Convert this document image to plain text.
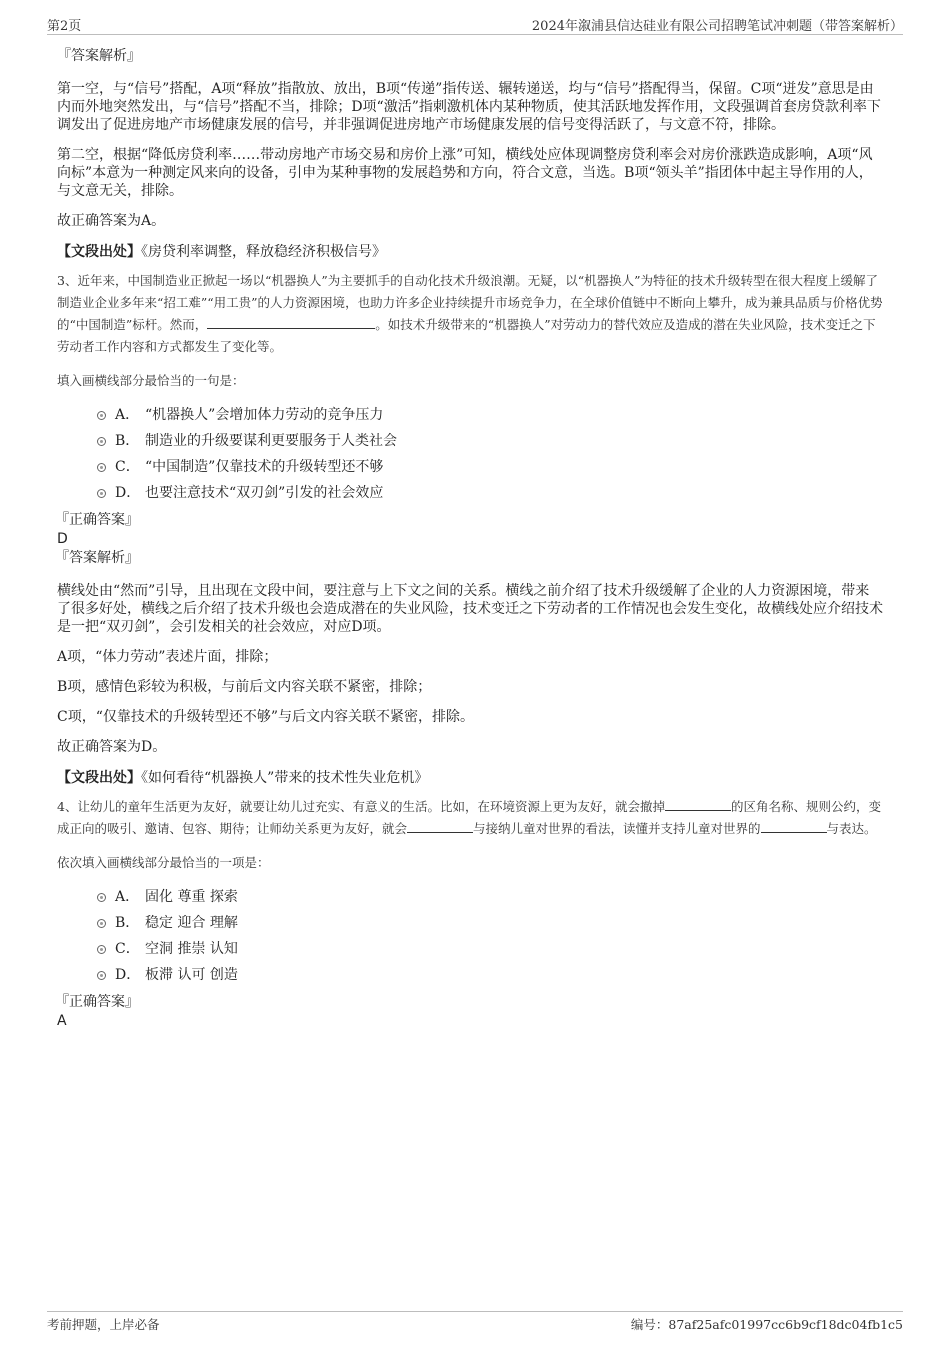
第2页	2024年溆浦县信达硅业有限公司招聘笔试冲刺题（带答案解析）

『答案解析』

第一空，与“信号”搭配，A项“释放”指散放、放出，B项“传递”指传送、辗转递送，均与“信号”搭配得当，保留。C项“迸发”意思是由内而外地突然发出，与“信号”搭配不当，排除；D项“激活”指刺激机体内某种物质，使其活跃地发挥作用，文段强调首套房贷款利率下调发出了促进房地产市场健康发展的信号，并非强调促进房地产市场健康发展的信号变得活跃了，与文意不符，排除。

第二空，根据“降低房贷利率……带动房地产市场交易和房价上涨”可知，横线处应体现调整房贷利率会对房价涨跌造成影响，A项“风向标”本意为一种测定风来向的设备，引申为某种事物的发展趋势和方向，符合文意，当选。B项“领头羊”指团体中起主导作用的人，与文意无关，排除。

故正确答案为A。

【文段出处】《房贷利率调整，释放稳经济积极信号》

3、近年来，中国制造业正掀起一场以“机器换人”为主要抓手的自动化技术升级浪潮。无疑，以“机器换人”为特征的技术升级转型在很大程度上缓解了制造业企业多年来“招工难”“用工贵”的人力资源困境，也助力许多企业持续提升市场竞争力，在全球价值链中不断向上攀升，成为兼具品质与价格优势的“中国制造”标杆。然而，	。如技术升级带来的“机器换人”对劳动力的替代效应及造成的潜在失业风险，技术变迁之下劳动者工作内容和方式都发生了变化等。

填入画横线部分最恰当的一句是：

A． “机器换人”会增加体力劳动的竞争压力
B． 制造业的升级要谋利更要服务于人类社会
C． “中国制造”仅靠技术的升级转型还不够
D． 也要注意技术“双刃剑”引发的社会效应

『正确答案』

D

『答案解析』

横线处由“然而”引导，且出现在文段中间，要注意与上下文之间的关系。横线之前介绍了技术升级缓解了企业的人力资源困境，带来了很多好处，横线之后介绍了技术升级也会造成潜在的失业风险，技术变迁之下劳动者的工作情况也会发生变化，故横线处应介绍技术是一把“双刃剑”，会引发相关的社会效应，对应D项。

A项，“体力劳动”表述片面，排除；

B项，感情色彩较为积极，与前后文内容关联不紧密，排除；

C项，“仅靠技术的升级转型还不够”与后文内容关联不紧密，排除。

故正确答案为D。

【文段出处】《如何看待“机器换人”带来的技术性失业危机》

4、让幼儿的童年生活更为友好，就要让幼儿过充实、有意义的生活。比如，在环境资源上更为友好，就会撤掉	的区角名称、规则公约，变成正向的吸引、邀请、包容、期待；让师幼关系更为友好，就会	与接纳儿童对世界的看法，读懂并支持儿童对世界的	与表达。

依次填入画横线部分最恰当的一项是：

A． 固化 尊重 探索
B． 稳定 迎合 理解
C． 空洞 推崇 认知
D． 板滞 认可 创造

『正确答案』

A

考前押题，上岸必备	编号：87af25afc01997cc6b9cf18dc04fb1c5
